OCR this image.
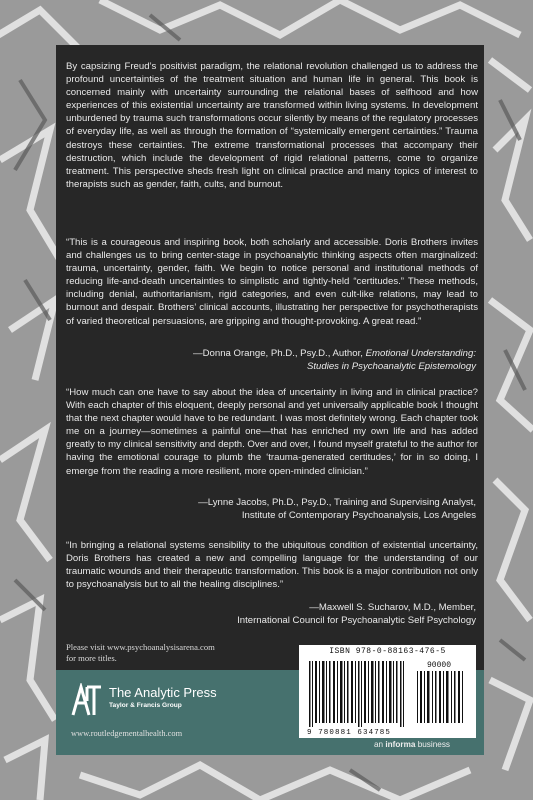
By capsizing Freud’s positivist paradigm, the relational revolution challenged us to address the profound uncertainties of the treatment situation and human life in general. This book is concerned mainly with uncertainty surrounding the relational bases of selfhood and how experiences of this existential uncertainty are transformed within living systems. In development unburdened by trauma such transformations occur silently by means of the regulatory processes of everyday life, as well as through the formation of “systemically emergent certainties.” Trauma destroys these certainties. The extreme transformational processes that accompany their destruction, which include the development of rigid relational patterns, come to organize treatment. This perspective sheds fresh light on clinical practice and many topics of interest to therapists such as gender, faith, cults, and burnout.

“This is a courageous and inspiring book, both scholarly and accessible. Doris Brothers invites and challenges us to bring center-stage in psychoanalytic thinking aspects often marginalized: trauma, uncertainty, gender, faith. We begin to notice personal and institutional methods of reducing life-and-death uncertainties to simplistic and tightly-held “certitudes.” These methods, including denial, authoritarianism, rigid categories, and even cult-like relations, may lead to burnout and despair. Brothers’ clinical accounts, illustrating her perspective for psychotherapists of varied theoretical persuasions, are gripping and thought-provoking. A great read.”

—Donna Orange, Ph.D., Psy.D., Author, Emotional Understanding:
Studies in Psychoanalytic Epistemology

“How much can one have to say about the idea of uncertainty in living and in clinical practice? With each chapter of this eloquent, deeply personal and yet universally applicable book I thought that the next chapter would have to be redundant. I was most definitely wrong. Each chapter took me on a journey—sometimes a painful one—that has enriched my own life and has added greatly to my clinical sensitivity and depth. Over and over, I found myself grateful to the author for having the emotional courage to plumb the ‘trauma-generated certitudes,’ for in so doing, I emerge from the reading a more resilient, more open-minded clinician.”

—Lynne Jacobs, Ph.D., Psy.D., Training and Supervising Analyst,
Institute of Contemporary Psychoanalysis, Los Angeles

“In bringing a relational systems sensibility to the ubiquitous condition of existential uncertainty, Doris Brothers has created a new and compelling language for the understanding of our traumatic wounds and their therapeutic transformation. This book is a major contribution not only to psychoanalysis but to all the healing disciplines.”

—Maxwell S. Sucharov, M.D., Member,
International Council for Psychoanalytic Self Psychology
Please visit www.psychoanalysisarena.com
for more titles.
The Analytic Press
Taylor & Francis Group
www.routledgementalhealth.com
ISBN 978-0-88163-476-5
90000
9 780881 634785
an informa business
